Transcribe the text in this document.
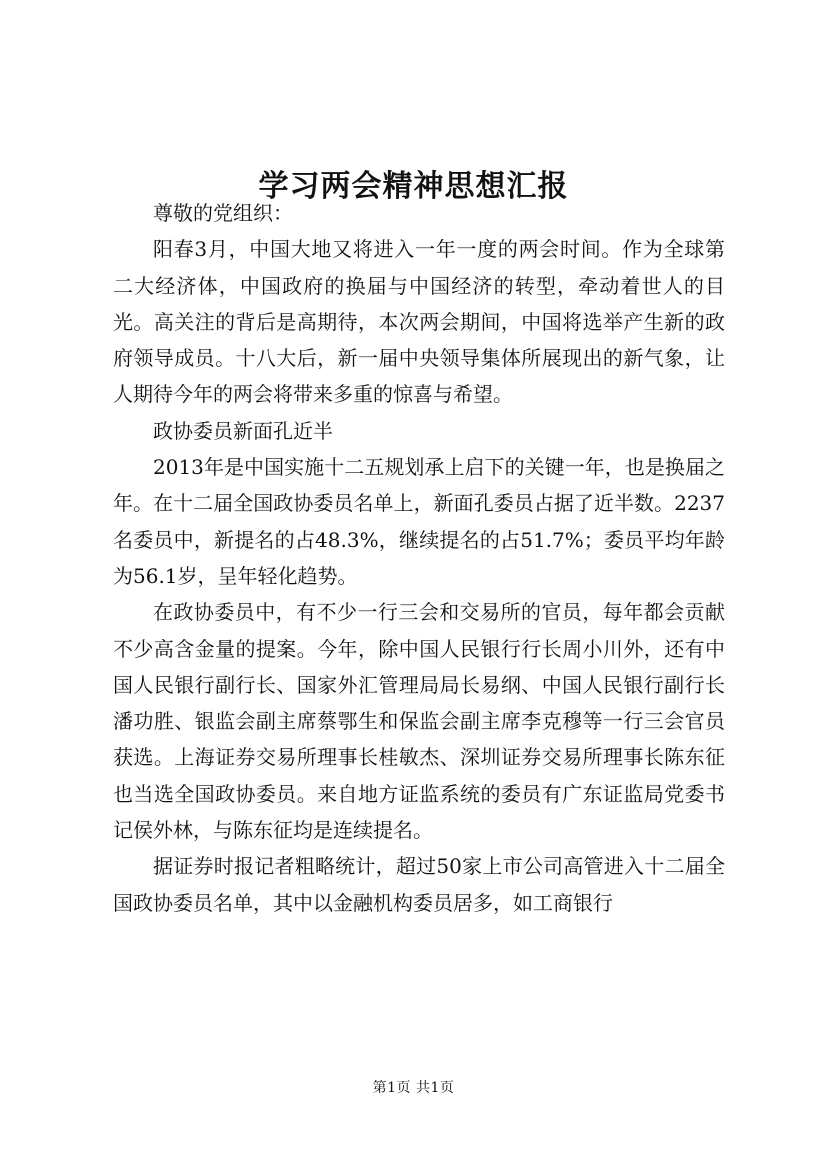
学习两会精神思想汇报

尊敬的党组织：

阳春3月，中国大地又将进入一年一度的两会时间。作为全球第二大经济体，中国政府的换届与中国经济的转型，牵动着世人的目光。高关注的背后是高期待，本次两会期间，中国将选举产生新的政府领导成员。十八大后，新一届中央领导集体所展现出的新气象，让人期待今年的两会将带来多重的惊喜与希望。

政协委员新面孔近半

2013年是中国实施十二五规划承上启下的关键一年，也是换届之年。在十二届全国政协委员名单上，新面孔委员占据了近半数。2237名委员中，新提名的占48.3%，继续提名的占51.7%；委员平均年龄为56.1岁，呈年轻化趋势。

在政协委员中，有不少一行三会和交易所的官员，每年都会贡献不少高含金量的提案。今年，除中国人民银行行长周小川外，还有中国人民银行副行长、国家外汇管理局局长易纲、中国人民银行副行长潘功胜、银监会副主席蔡鄂生和保监会副主席李克穆等一行三会官员获选。上海证券交易所理事长桂敏杰、深圳证券交易所理事长陈东征也当选全国政协委员。来自地方证监系统的委员有广东证监局党委书记侯外林，与陈东征均是连续提名。

据证券时报记者粗略统计，超过50家上市公司高管进入十二届全国政协委员名单，其中以金融机构委员居多，如工商银行

第1页 共1页
